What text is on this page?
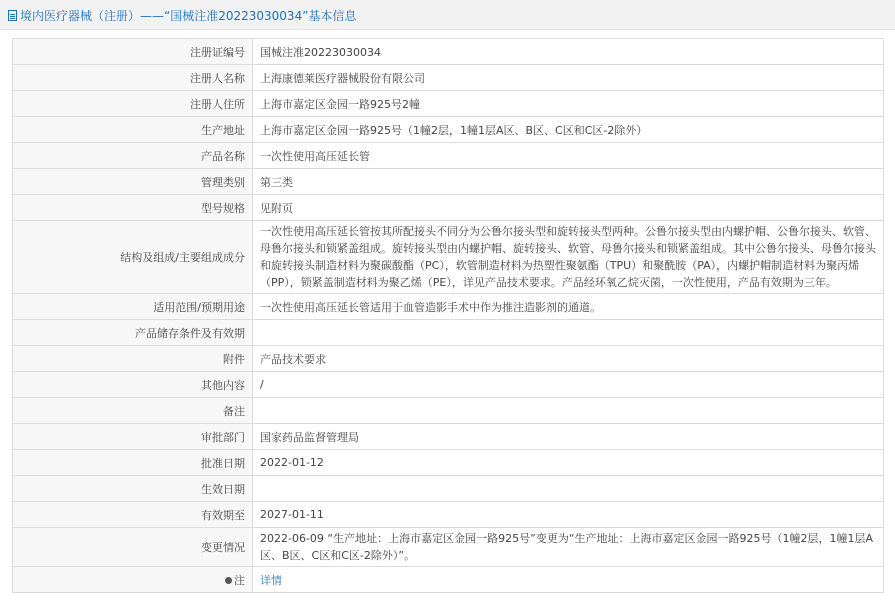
境内医疗器械（注册）——“国械注准20223030034”基本信息
注册证编号	国械注准20223030034
注册人名称	上海康德莱医疗器械股份有限公司
注册人住所	上海市嘉定区金园一路925号2幢
生产地址	上海市嘉定区金园一路925号（1幢2层，1幢1层A区、B区、C区和C区-2除外）
产品名称	一次性使用高压延长管
管理类别	第三类
型号规格	见附页
结构及组成/主要组成成分	一次性使用高压延长管按其所配接头不同分为公鲁尔接头型和旋转接头型两种。公鲁尔接头型由内螺护帽、公鲁尔接头、软管、母鲁尔接头和锁紧盖组成。旋转接头型由内螺护帽、旋转接头、软管、母鲁尔接头和锁紧盖组成。其中公鲁尔接头、母鲁尔接头和旋转接头制造材料为聚碳酸酯（PC），软管制造材料为热塑性聚氨酯（TPU）和聚酰胺（PA），内螺护帽制造材料为聚丙烯（PP），锁紧盖制造材料为聚乙烯（PE），详见产品技术要求。产品经环氧乙烷灭菌，一次性使用，产品有效期为三年。
适用范围/预期用途	一次性使用高压延长管适用于血管造影手术中作为推注造影剂的通道。
产品储存条件及有效期	
附件	产品技术要求
其他内容	/
备注	
审批部门	国家药品监督管理局
批准日期	2022-01-12
生效日期	
有效期至	2027-01-11
变更情况	2022-06-09 “生产地址：上海市嘉定区金园一路925号”变更为“生产地址：上海市嘉定区金园一路925号（1幢2层，1幢1层A区、B区、C区和C区-2除外）”。
注	详情
